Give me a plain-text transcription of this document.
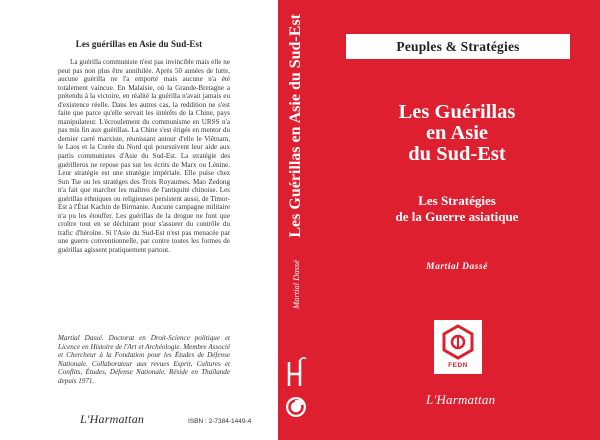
Les guérillas en Asie du Sud-Est

La guérilla communiste n'est pas invincible mais elle ne peut pas non plus être annihilée. Après 50 années de lutte, aucune guérilla ne l'a emporté mais aucune n'a été totalement vaincue. En Malaisie, où la Grande-Bretagne a prétendu à la victoire, en réalité la guérilla n'avait jamais eu d'existence réelle. Dans les autres cas, la reddition ne s'est faite que parce qu'elle servait les intérêts de la Chine, pays manipulateur. L'écroulement du communisme en URSS n'a pas mis fin aux guérillas. La Chine s'est érigée en mentor du dernier carré marxiste, réunissant autour d'elle le Viêtnam, le Laos et la Corée du Nord qui poursuivent leur aide aux partis communistes d'Asie du Sud-Est. La stratégie des guérilleros ne repose pas sur les écrits de Marx ou Lénine. Leur stratégie est une stratégie impériale. Elle puise chez Sun Tse ou les stratèges des Trois Royaumes. Mao Zedong n'a fait que marcher les maîtres de l'antiquité chinoise. Les guérillas ethniques ou religieuses persistent aussi, de Timor-Est à l'État Kachin de Birmanie. Aucune campagne militaire n'a pu les étouffer. Les guérillas de la drogue ne font que croître tout en se déchirant pour s'assurer du contrôle du trafic d'héroïne. Si l'Asie du Sud-Est n'est pas menacée par une guerre conventionnelle, par contre toutes les formes de guérillas agissent pratiquement partout.

Martial Dassé. Doctorat en Droit-Science politique et Licence en Histoire de l'Art et Archéologie. Membre Associé et Chercheur à la Fondation pour les Études de Défense Nationale. Collaborateur aux revues Esprit, Cultures et Conflits, Études, Défense Nationale. Réside en Thaïlande depuis 1971.

L'Harmattan	ISBN : 2-7384-1449-4
Les Guérillas en Asie du Sud-Est
Martial Dassé
Peuples & Stratégies
Les Guérillas
en Asie
du Sud-Est
Les Stratégies
de la Guerre asiatique
Martial Dassé
FEDN
L'Harmattan
